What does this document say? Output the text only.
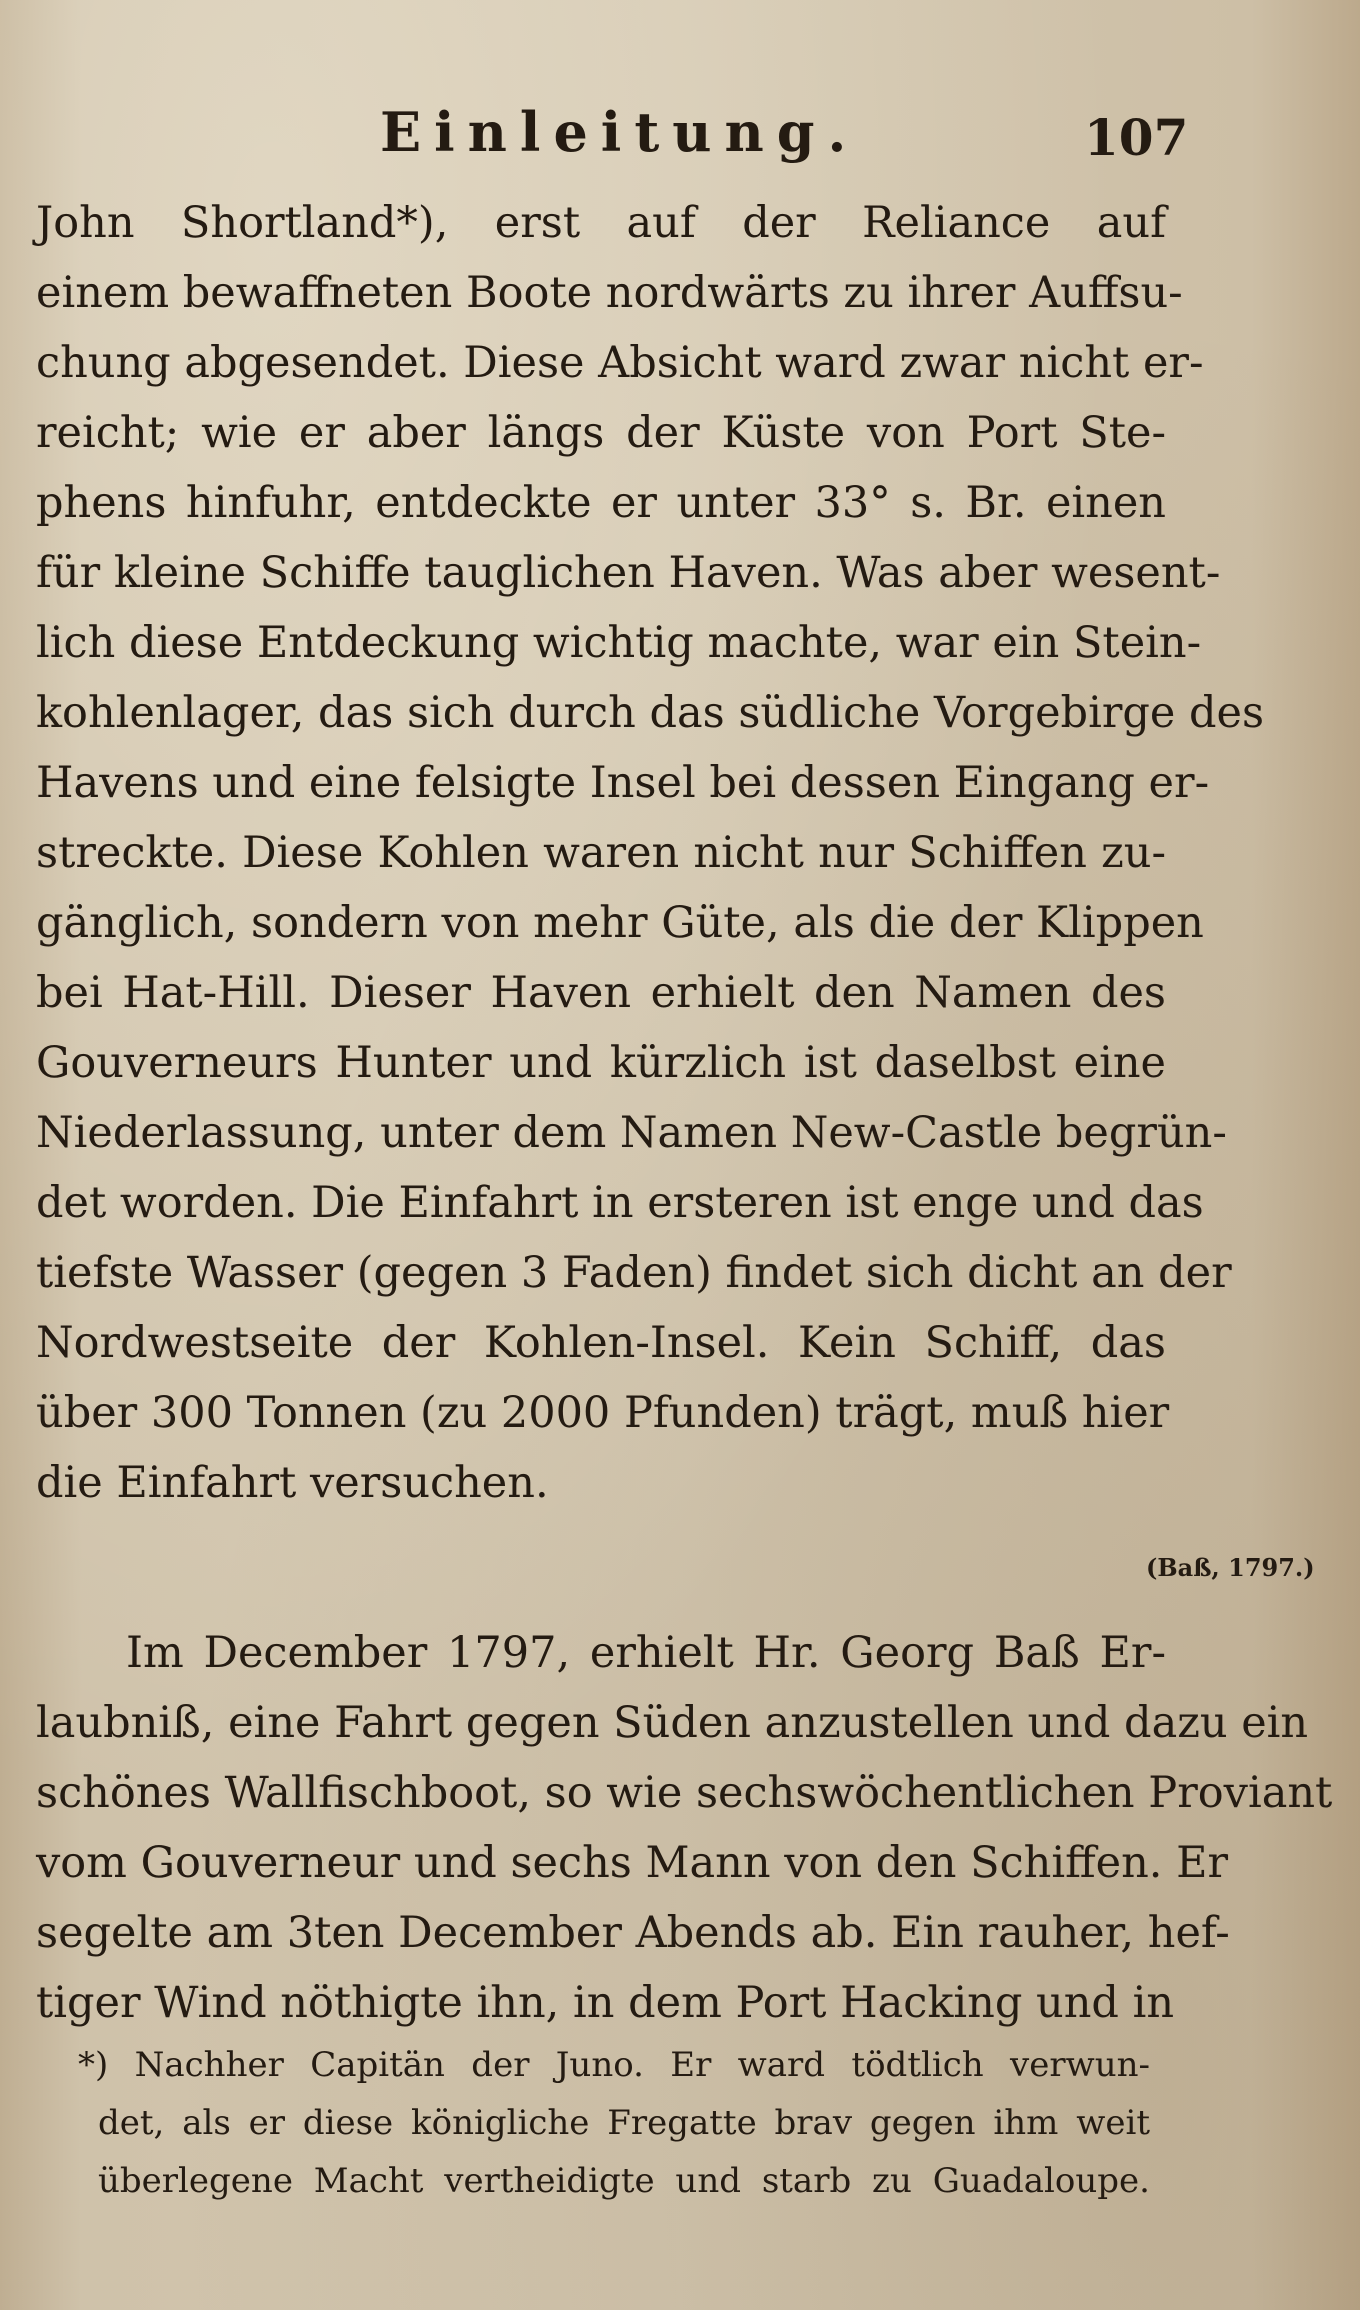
Einleitung.	107
John Shortland*), erst auf der Reliance auf
einem bewaffneten Boote nordwärts zu ihrer Auffsu-
chung abgesendet. Diese Absicht ward zwar nicht er-
reicht; wie er aber längs der Küste von Port Ste-
phens hinfuhr, entdeckte er unter 33° s. Br. einen
für kleine Schiffe tauglichen Haven. Was aber wesent-
lich diese Entdeckung wichtig machte, war ein Stein-
kohlenlager, das sich durch das südliche Vorgebirge des
Havens und eine felsigte Insel bei dessen Eingang er-
streckte. Diese Kohlen waren nicht nur Schiffen zu-
gänglich, sondern von mehr Güte, als die der Klippen
bei Hat-Hill. Dieser Haven erhielt den Namen des
Gouverneurs Hunter und kürzlich ist daselbst eine
Niederlassung, unter dem Namen New-Castle begrün-
det worden. Die Einfahrt in ersteren ist enge und das
tiefste Wasser (gegen 3 Faden) findet sich dicht an der
Nordwestseite der Kohlen-Insel. Kein Schiff, das
über 300 Tonnen (zu 2000 Pfunden) trägt, muß hier
die Einfahrt versuchen.
Im December 1797, erhielt Hr. Georg Baß Er-
laubniß, eine Fahrt gegen Süden anzustellen und dazu ein
schönes Wallfischboot, so wie sechswöchentlichen Proviant
vom Gouverneur und sechs Mann von den Schiffen. Er
segelte am 3ten December Abends ab. Ein rauher, hef-
tiger Wind nöthigte ihn, in dem Port Hacking und in
(Baß, 1797.)
*) Nachher Capitän der Juno. Er ward tödtlich verwun-
det, als er diese königliche Fregatte brav gegen ihm weit
überlegene Macht vertheidigte und starb zu Guadaloupe.
